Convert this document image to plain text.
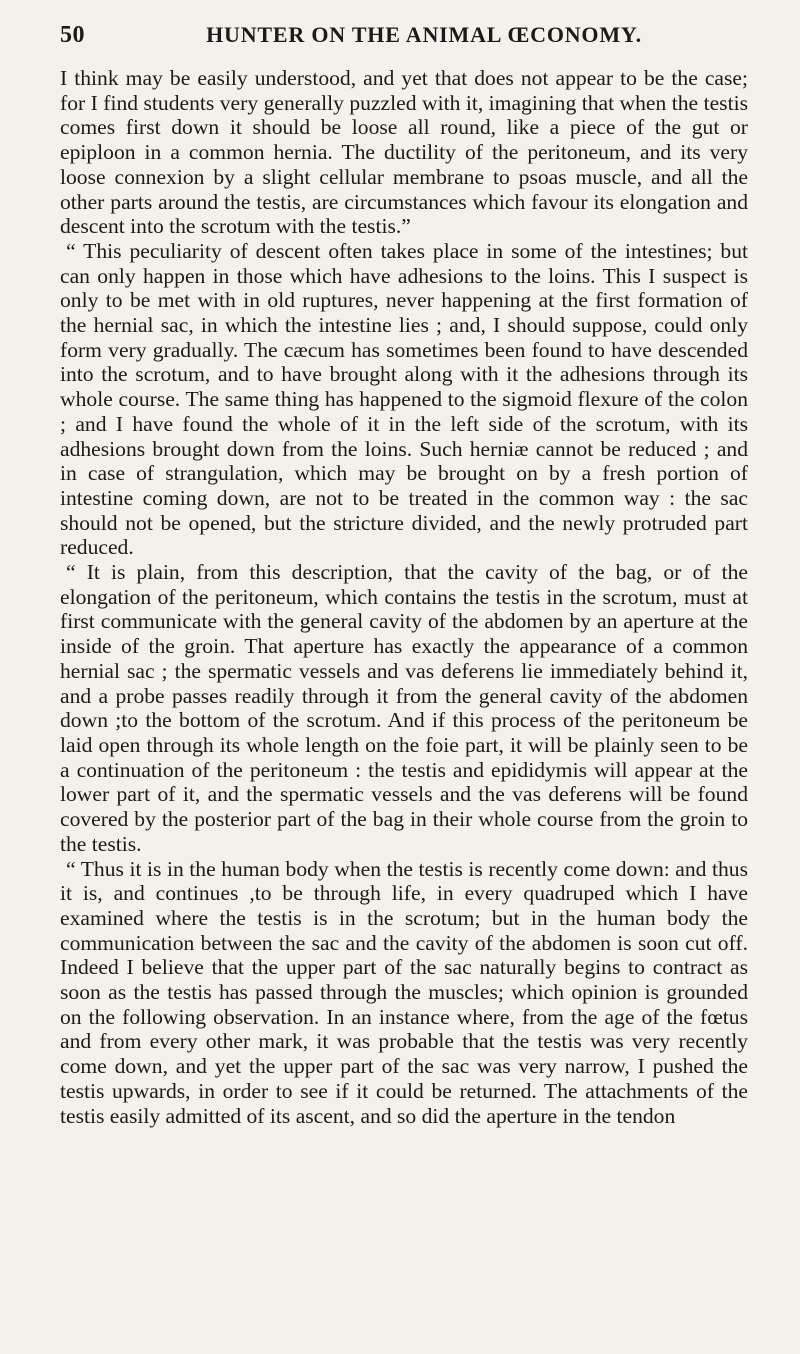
50	HUNTER ON THE ANIMAL ŒCONOMY.

I think may be easily understood, and yet that does not appear to be the case; for I find students very generally puzzled with it, imagining that when the testis comes first down it should be loose all round, like a piece of the gut or epiploon in a common hernia. The ductility of the peritoneum, and its very loose connexion by a slight cellular membrane to psoas muscle, and all the other parts around the testis, are circumstances which favour its elongation and descent into the scrotum with the testis.”

“ This peculiarity of descent often takes place in some of the intestines; but can only happen in those which have adhesions to the loins. This I suspect is only to be met with in old ruptures, never happening at the first formation of the hernial sac, in which the intestine lies ; and, I should suppose, could only form very gradually. The cæcum has sometimes been found to have descended into the scrotum, and to have brought along with it the adhesions through its whole course. The same thing has happened to the sigmoid flexure of the colon ; and I have found the whole of it in the left side of the scrotum, with its adhesions brought down from the loins. Such herniæ cannot be reduced ; and in case of strangulation, which may be brought on by a fresh portion of intestine coming down, are not to be treated in the common way : the sac should not be opened, but the stricture divided, and the newly protruded part reduced.

“ It is plain, from this description, that the cavity of the bag, or of the elongation of the peritoneum, which contains the testis in the scrotum, must at first communicate with the general cavity of the abdomen by an aperture at the inside of the groin. That aperture has exactly the appearance of a common hernial sac ; the spermatic vessels and vas deferens lie immediately behind it, and a probe passes readily through it from the general cavity of the abdomen down ;to the bottom of the scrotum. And if this process of the peritoneum be laid open through its whole length on the foie part, it will be plainly seen to be a continuation of the peritoneum : the testis and epididymis will appear at the lower part of it, and the spermatic vessels and the vas deferens will be found covered by the posterior part of the bag in their whole course from the groin to the testis.

“ Thus it is in the human body when the testis is recently come down: and thus it is, and continues ,to be through life, in every quadruped which I have examined where the testis is in the scrotum; but in the human body the communication between the sac and the cavity of the abdomen is soon cut off. Indeed I believe that the upper part of the sac naturally begins to contract as soon as the testis has passed through the muscles; which opinion is grounded on the following observation. In an instance where, from the age of the fœtus and from every other mark, it was probable that the testis was very recently come down, and yet the upper part of the sac was very narrow, I pushed the testis upwards, in order to see if it could be returned. The attachments of the testis easily admitted of its ascent, and so did the aperture in the tendon
